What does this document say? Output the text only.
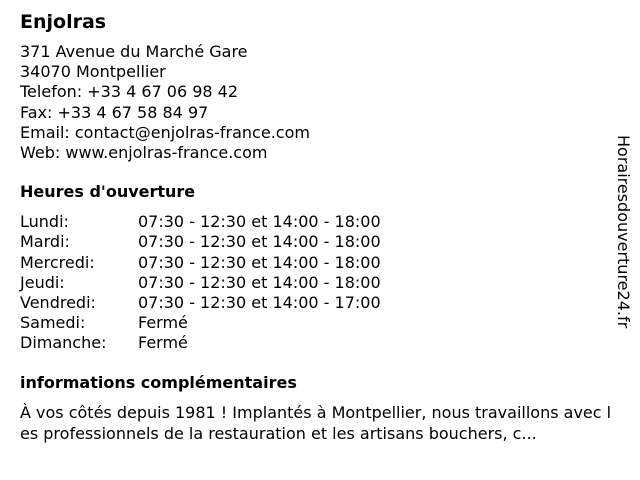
Enjolras
371 Avenue du Marché Gare
34070 Montpellier
Telefon: +33 4 67 06 98 42
Fax: +33 4 67 58 84 97
Email: contact@enjolras-france.com
Web: www.enjolras-france.com
Heures d'ouverture
Lundi:	07:30 - 12:30 et 14:00 - 18:00
Mardi:	07:30 - 12:30 et 14:00 - 18:00
Mercredi:	07:30 - 12:30 et 14:00 - 18:00
Jeudi:	07:30 - 12:30 et 14:00 - 18:00
Vendredi:	07:30 - 12:30 et 14:00 - 17:00
Samedi:	Fermé
Dimanche:	Fermé
informations complémentaires
À vos côtés depuis 1981 ! Implantés à Montpellier, nous travaillons avec les professionnels de la restauration et les artisans bouchers, c...
Horairesdouverture24.fr
